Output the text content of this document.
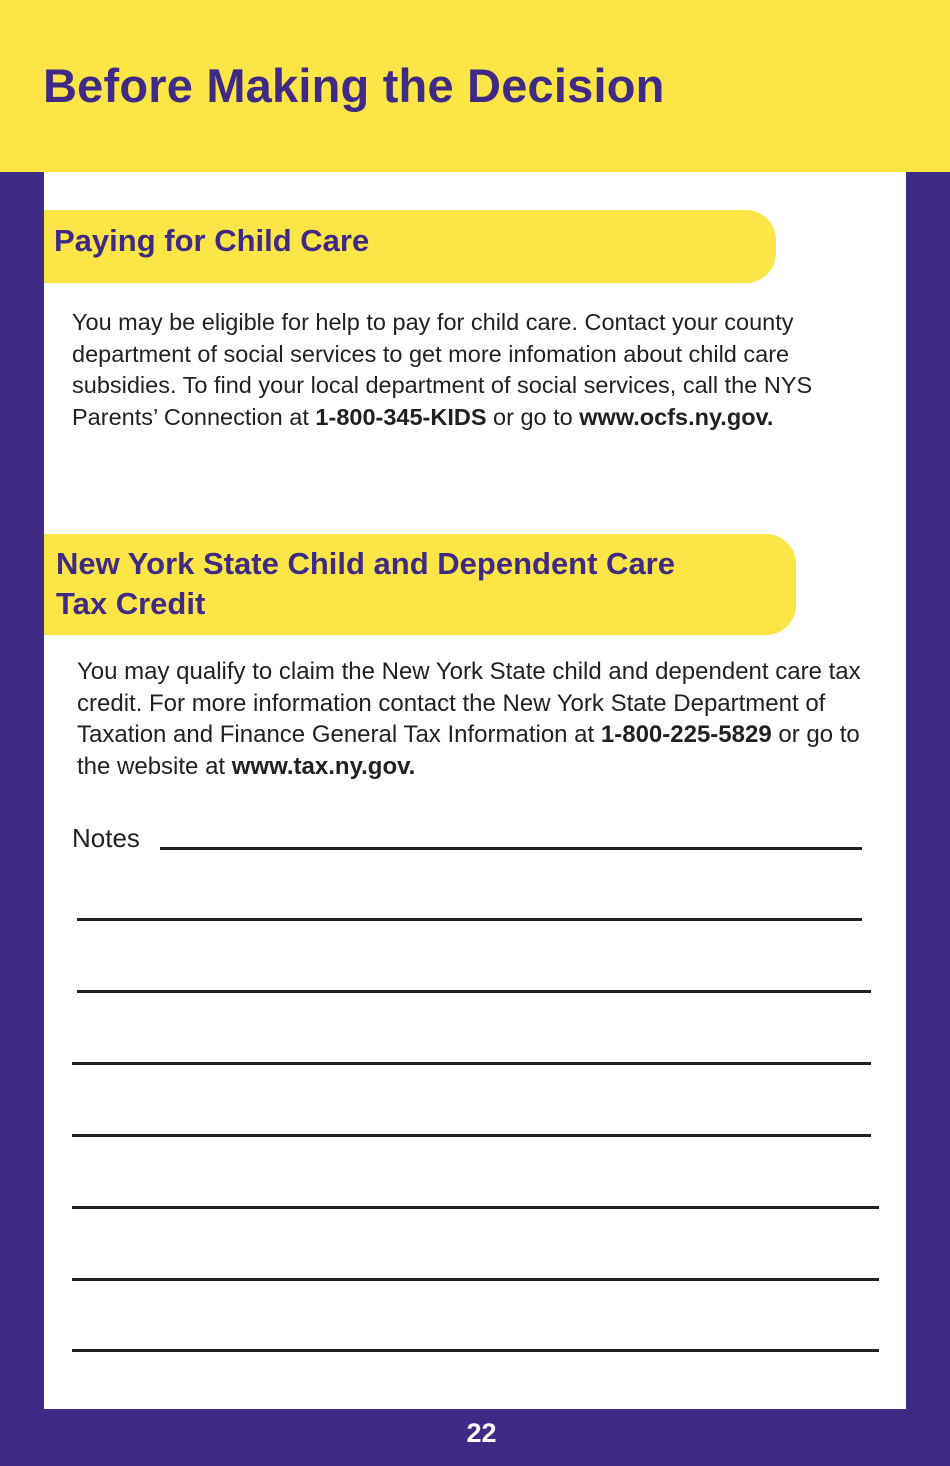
Before Making the Decision
Paying for Child Care
You may be eligible for help to pay for child care. Contact your county department of social services to get more infomation about child care subsidies. To find your local department of social services, call the NYS Parents’ Connection at 1-800-345-KIDS or go to www.ocfs.ny.gov.
New York State Child and Dependent Care
Tax Credit
You may qualify to claim the New York State child and dependent care tax credit. For more information contact the New York State Department of Taxation and Finance General Tax Information at 1-800-225-5829 or go to the website at www.tax.ny.gov.
Notes
22
